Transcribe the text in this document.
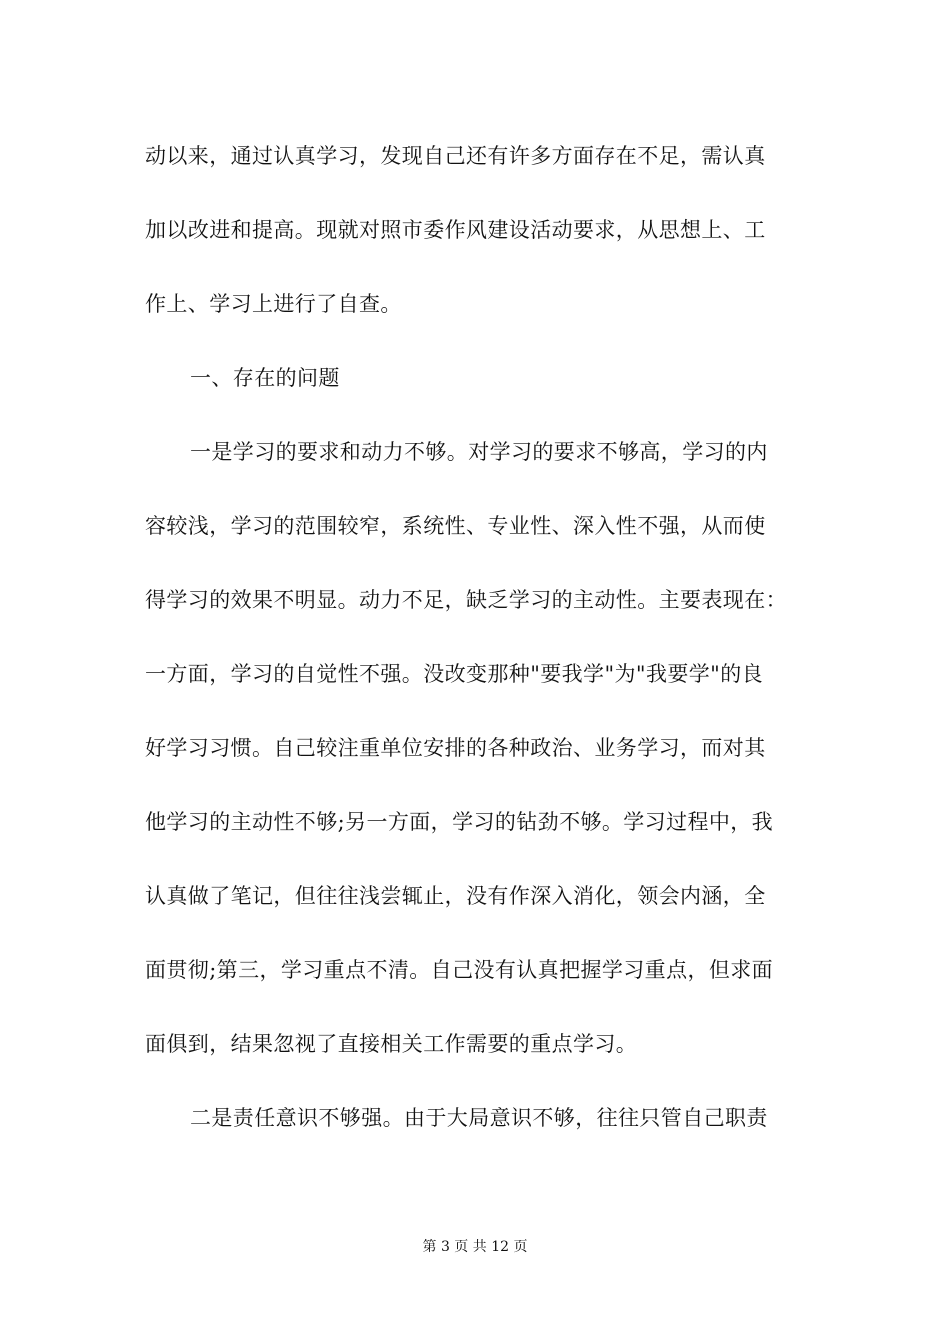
动以来，通过认真学习，发现自己还有许多方面存在不足，需认真
加以改进和提高。现就对照市委作风建设活动要求，从思想上、工
作上、学习上进行了自查。
一、存在的问题
一是学习的要求和动力不够。对学习的要求不够高，学习的内
容较浅，学习的范围较窄，系统性、专业性、深入性不强，从而使
得学习的效果不明显。动力不足，缺乏学习的主动性。主要表现在：
一方面，学习的自觉性不强。没改变那种"要我学"为"我要学"的良
好学习习惯。自己较注重单位安排的各种政治、业务学习，而对其
他学习的主动性不够;另一方面，学习的钻劲不够。学习过程中，我
认真做了笔记，但往往浅尝辄止，没有作深入消化，领会内涵，全
面贯彻;第三，学习重点不清。自己没有认真把握学习重点，但求面
面俱到，结果忽视了直接相关工作需要的重点学习。
二是责任意识不够强。由于大局意识不够，往往只管自己职责
第 3 页 共 12 页
